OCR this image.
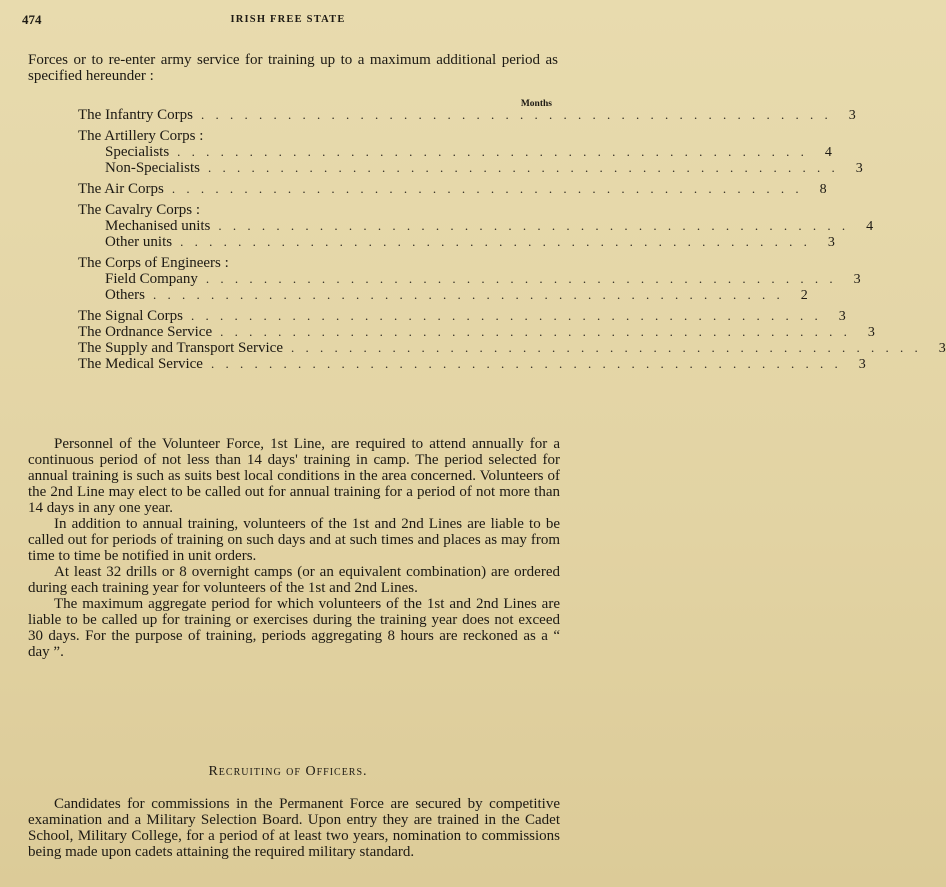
474	IRISH FREE STATE
Forces or to re-enter army service for training up to a maximum additional period as specified hereunder :
Months
The Infantry Corps . . . . . . . . . . . . . . . . . . . . . . . . . . . . . . . . . . . . . . . . . . . .	3
The Artillery Corps :
Specialists . . . . . . . . . . . . . . . . . . . . . . . . . . . . . . . . . . . . . . . . . . . .	4
Non-Specialists . . . . . . . . . . . . . . . . . . . . . . . . . . . . . . . . . . . . . . . . . . . .	3
The Air Corps . . . . . . . . . . . . . . . . . . . . . . . . . . . . . . . . . . . . . . . . . . . .	8
The Cavalry Corps :
Mechanised units . . . . . . . . . . . . . . . . . . . . . . . . . . . . . . . . . . . . . . . . . . . .	4
Other units . . . . . . . . . . . . . . . . . . . . . . . . . . . . . . . . . . . . . . . . . . . .	3
The Corps of Engineers :
Field Company . . . . . . . . . . . . . . . . . . . . . . . . . . . . . . . . . . . . . . . . . . . .	3
Others . . . . . . . . . . . . . . . . . . . . . . . . . . . . . . . . . . . . . . . . . . . .	2
The Signal Corps . . . . . . . . . . . . . . . . . . . . . . . . . . . . . . . . . . . . . . . . . . . .	3
The Ordnance Service . . . . . . . . . . . . . . . . . . . . . . . . . . . . . . . . . . . . . . . . . . . .	3
The Supply and Transport Service . . . . . . . . . . . . . . . . . . . . . . . . . . . . . . . . . . . . . . . . . . . .	3
The Medical Service . . . . . . . . . . . . . . . . . . . . . . . . . . . . . . . . . . . . . . . . . . . .	3

Personnel of the Volunteer Force, 1st Line, are required to attend annually for a continuous period of not less than 14 days' training in camp. The period selected for annual training is such as suits best local conditions in the area concerned. Volunteers of the 2nd Line may elect to be called out for annual training for a period of not more than 14 days in any one year.

In addition to annual training, volunteers of the 1st and 2nd Lines are liable to be called out for periods of training on such days and at such times and places as may from time to time be notified in unit orders.

At least 32 drills or 8 overnight camps (or an equivalent combination) are ordered during each training year for volunteers of the 1st and 2nd Lines.

The maximum aggregate period for which volunteers of the 1st and 2nd Lines are liable to be called up for training or exercises during the training year does not exceed 30 days. For the purpose of training, periods aggregating 8 hours are reckoned as a “ day ”.

Recruiting of Officers.

Candidates for commissions in the Permanent Force are secured by competitive examination and a Military Selection Board. Upon entry they are trained in the Cadet School, Military College, for a period of at least two years, nomination to commissions being made upon cadets attaining the required military standard.
